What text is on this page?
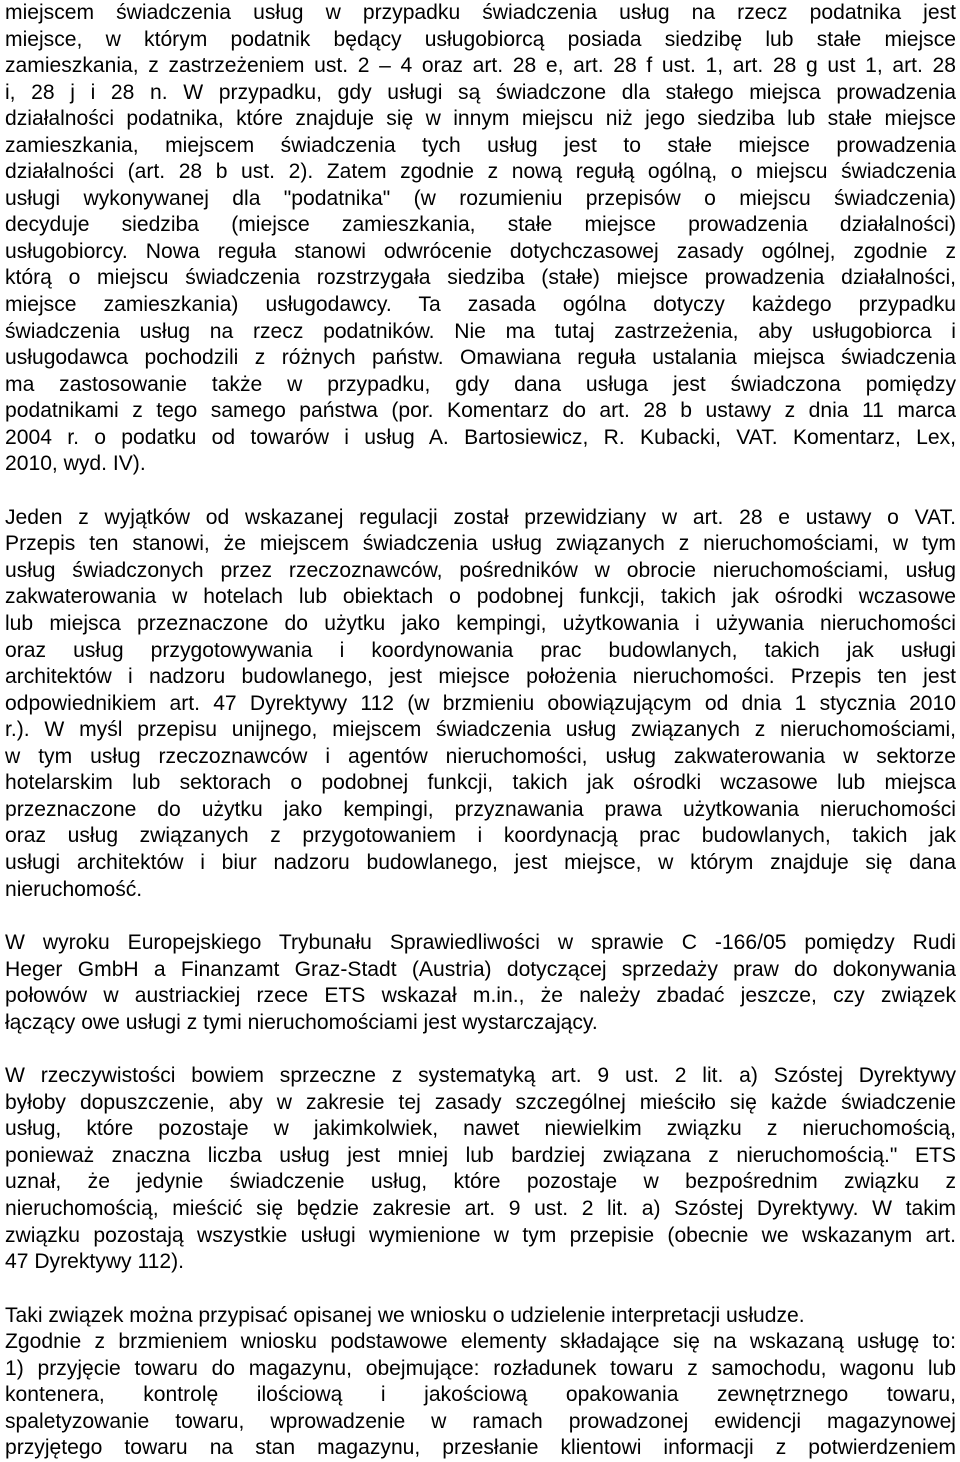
miejscem świadczenia usług w przypadku świadczenia usług na rzecz podatnika jest
miejsce, w którym podatnik będący usługobiorcą posiada siedzibę lub stałe miejsce
zamieszkania, z zastrzeżeniem ust. 2 – 4 oraz art. 28 e, art. 28 f ust. 1, art. 28 g ust 1, art. 28
i, 28 j i 28 n. W przypadku, gdy usługi są świadczone dla stałego miejsca prowadzenia
działalności podatnika, które znajduje się w innym miejscu niż jego siedziba lub stałe miejsce
zamieszkania, miejscem świadczenia tych usług jest to stałe miejsce prowadzenia
działalności (art. 28 b ust. 2). Zatem zgodnie z nową regułą ogólną, o miejscu świadczenia
usługi wykonywanej dla "podatnika" (w rozumieniu przepisów o miejscu świadczenia)
decyduje siedziba (miejsce zamieszkania, stałe miejsce prowadzenia działalności)
usługobiorcy. Nowa reguła stanowi odwrócenie dotychczasowej zasady ogólnej, zgodnie z
którą o miejscu świadczenia rozstrzygała siedziba (stałe) miejsce prowadzenia działalności,
miejsce zamieszkania) usługodawcy. Ta zasada ogólna dotyczy każdego przypadku
świadczenia usług na rzecz podatników. Nie ma tutaj zastrzeżenia, aby usługobiorca i
usługodawca pochodzili z różnych państw. Omawiana reguła ustalania miejsca świadczenia
ma zastosowanie także w przypadku, gdy dana usługa jest świadczona pomiędzy
podatnikami z tego samego państwa (por. Komentarz do art. 28 b ustawy z dnia 11 marca
2004 r. o podatku od towarów i usług A. Bartosiewicz, R. Kubacki, VAT. Komentarz, Lex,
2010, wyd. IV).
Jeden z wyjątków od wskazanej regulacji został przewidziany w art. 28 e ustawy o VAT.
Przepis ten stanowi, że miejscem świadczenia usług związanych z nieruchomościami, w tym
usług świadczonych przez rzeczoznawców, pośredników w obrocie nieruchomościami, usług
zakwaterowania w hotelach lub obiektach o podobnej funkcji, takich jak ośrodki wczasowe
lub miejsca przeznaczone do użytku jako kempingi, użytkowania i używania nieruchomości
oraz usług przygotowywania i koordynowania prac budowlanych, takich jak usługi
architektów i nadzoru budowlanego, jest miejsce położenia nieruchomości. Przepis ten jest
odpowiednikiem art. 47 Dyrektywy 112 (w brzmieniu obowiązującym od dnia 1 stycznia 2010
r.). W myśl przepisu unijnego, miejscem świadczenia usług związanych z nieruchomościami,
w tym usług rzeczoznawców i agentów nieruchomości, usług zakwaterowania w sektorze
hotelarskim lub sektorach o podobnej funkcji, takich jak ośrodki wczasowe lub miejsca
przeznaczone do użytku jako kempingi, przyznawania prawa użytkowania nieruchomości
oraz usług związanych z przygotowaniem i koordynacją prac budowlanych, takich jak
usługi architektów i biur nadzoru budowlanego, jest miejsce, w którym znajduje się dana
nieruchomość.
W wyroku Europejskiego Trybunału Sprawiedliwości w sprawie C -166/05 pomiędzy Rudi
Heger GmbH a Finanzamt Graz-Stadt (Austria) dotyczącej sprzedaży praw do dokonywania
połowów w austriackiej rzece ETS wskazał m.in., że należy zbadać jeszcze, czy związek
łączący owe usługi z tymi nieruchomościami jest wystarczający.
W rzeczywistości bowiem sprzeczne z systematyką art. 9 ust. 2 lit. a) Szóstej Dyrektywy
byłoby dopuszczenie, aby w zakresie tej zasady szczególnej mieściło się każde świadczenie
usług, które pozostaje w jakimkolwiek, nawet niewielkim związku z nieruchomością,
ponieważ znaczna liczba usług jest mniej lub bardziej związana z nieruchomością." ETS
uznał, że jedynie świadczenie usług, które pozostaje w bezpośrednim związku z
nieruchomością, mieścić się będzie zakresie art. 9 ust. 2 lit. a) Szóstej Dyrektywy. W takim
związku pozostają wszystkie usługi wymienione w tym przepisie (obecnie we wskazanym art.
47 Dyrektywy 112).
Taki związek można przypisać opisanej we wniosku o udzielenie interpretacji usłudze.
Zgodnie z brzmieniem wniosku podstawowe elementy składające się na wskazaną usługę to:
1) przyjęcie towaru do magazynu, obejmujące: rozładunek towaru z samochodu, wagonu lub
kontenera, kontrolę ilościową i jakościową opakowania zewnętrznego towaru,
spaletyzowanie towaru, wprowadzenie w ramach prowadzonej ewidencji magazynowej
przyjętego towaru na stan magazynu, przesłanie klientowi informacji z potwierdzeniem
